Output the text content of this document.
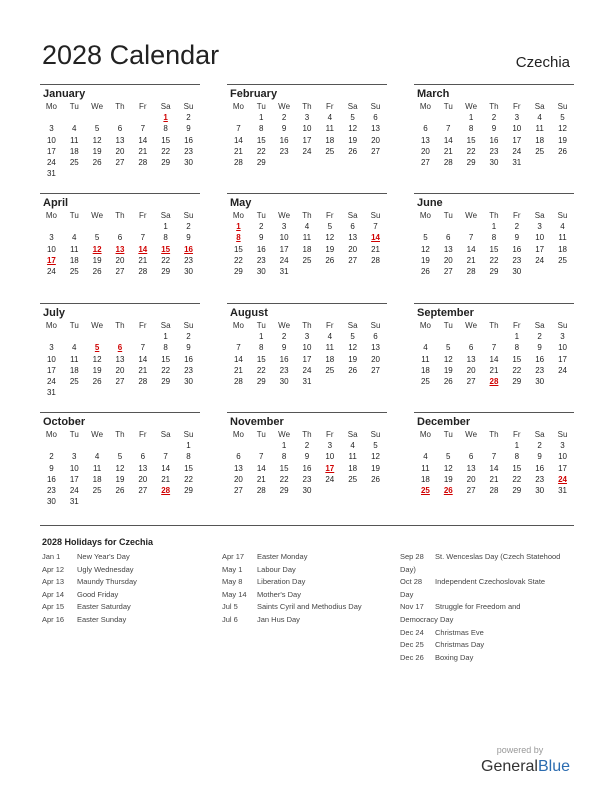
2028 Calendar	Czechia
January
Mo	Tu	We	Th	Fr	Sa	Su
					1	2
3	4	5	6	7	8	9
10	11	12	13	14	15	16
17	18	19	20	21	22	23
24	25	26	27	28	29	30
31						
February
Mo	Tu	We	Th	Fr	Sa	Su
	1	2	3	4	5	6
7	8	9	10	11	12	13
14	15	16	17	18	19	20
21	22	23	24	25	26	27
28	29					

March
Mo	Tu	We	Th	Fr	Sa	Su
		1	2	3	4	5
6	7	8	9	10	11	12
13	14	15	16	17	18	19
20	21	22	23	24	25	26
27	28	29	30	31		

April
Mo	Tu	We	Th	Fr	Sa	Su
					1	2
3	4	5	6	7	8	9
10	11	12	13	14	15	16
17	18	19	20	21	22	23
24	25	26	27	28	29	30

May
Mo	Tu	We	Th	Fr	Sa	Su
1	2	3	4	5	6	7
8	9	10	11	12	13	14
15	16	17	18	19	20	21
22	23	24	25	26	27	28
29	30	31				

June
Mo	Tu	We	Th	Fr	Sa	Su
			1	2	3	4
5	6	7	8	9	10	11
12	13	14	15	16	17	18
19	20	21	22	23	24	25
26	27	28	29	30		

July
Mo	Tu	We	Th	Fr	Sa	Su
					1	2
3	4	5	6	7	8	9
10	11	12	13	14	15	16
17	18	19	20	21	22	23
24	25	26	27	28	29	30
31						
August
Mo	Tu	We	Th	Fr	Sa	Su
	1	2	3	4	5	6
7	8	9	10	11	12	13
14	15	16	17	18	19	20
21	22	23	24	25	26	27
28	29	30	31			

September
Mo	Tu	We	Th	Fr	Sa	Su
				1	2	3
4	5	6	7	8	9	10
11	12	13	14	15	16	17
18	19	20	21	22	23	24
25	26	27	28	29	30	

October
Mo	Tu	We	Th	Fr	Sa	Su
						1
2	3	4	5	6	7	8
9	10	11	12	13	14	15
16	17	18	19	20	21	22
23	24	25	26	27	28	29
30	31					
November
Mo	Tu	We	Th	Fr	Sa	Su
		1	2	3	4	5
6	7	8	9	10	11	12
13	14	15	16	17	18	19
20	21	22	23	24	25	26
27	28	29	30			

December
Mo	Tu	We	Th	Fr	Sa	Su
				1	2	3
4	5	6	7	8	9	10
11	12	13	14	15	16	17
18	19	20	21	22	23	24
25	26	27	28	29	30	31

2028 Holidays for Czechia
Jan 1	New Year's Day
Apr 12	Ugly Wednesday
Apr 13	Maundy Thursday
Apr 14	Good Friday
Apr 15	Easter Saturday
Apr 16	Easter Sunday
Apr 17	Easter Monday
May 1	Labour Day
May 8	Liberation Day
May 14	Mother's Day
Jul 5	Saints Cyril and Methodius Day
Jul 6	Jan Hus Day
Sep 28	St. Wenceslas Day (Czech Statehood
Day)
Oct 28	Independent Czechoslovak State
Day
Nov 17	Struggle for Freedom and
Democracy Day
Dec 24	Christmas Eve
Dec 25	Christmas Day
Dec 26	Boxing Day
powered by
GeneralBlue
